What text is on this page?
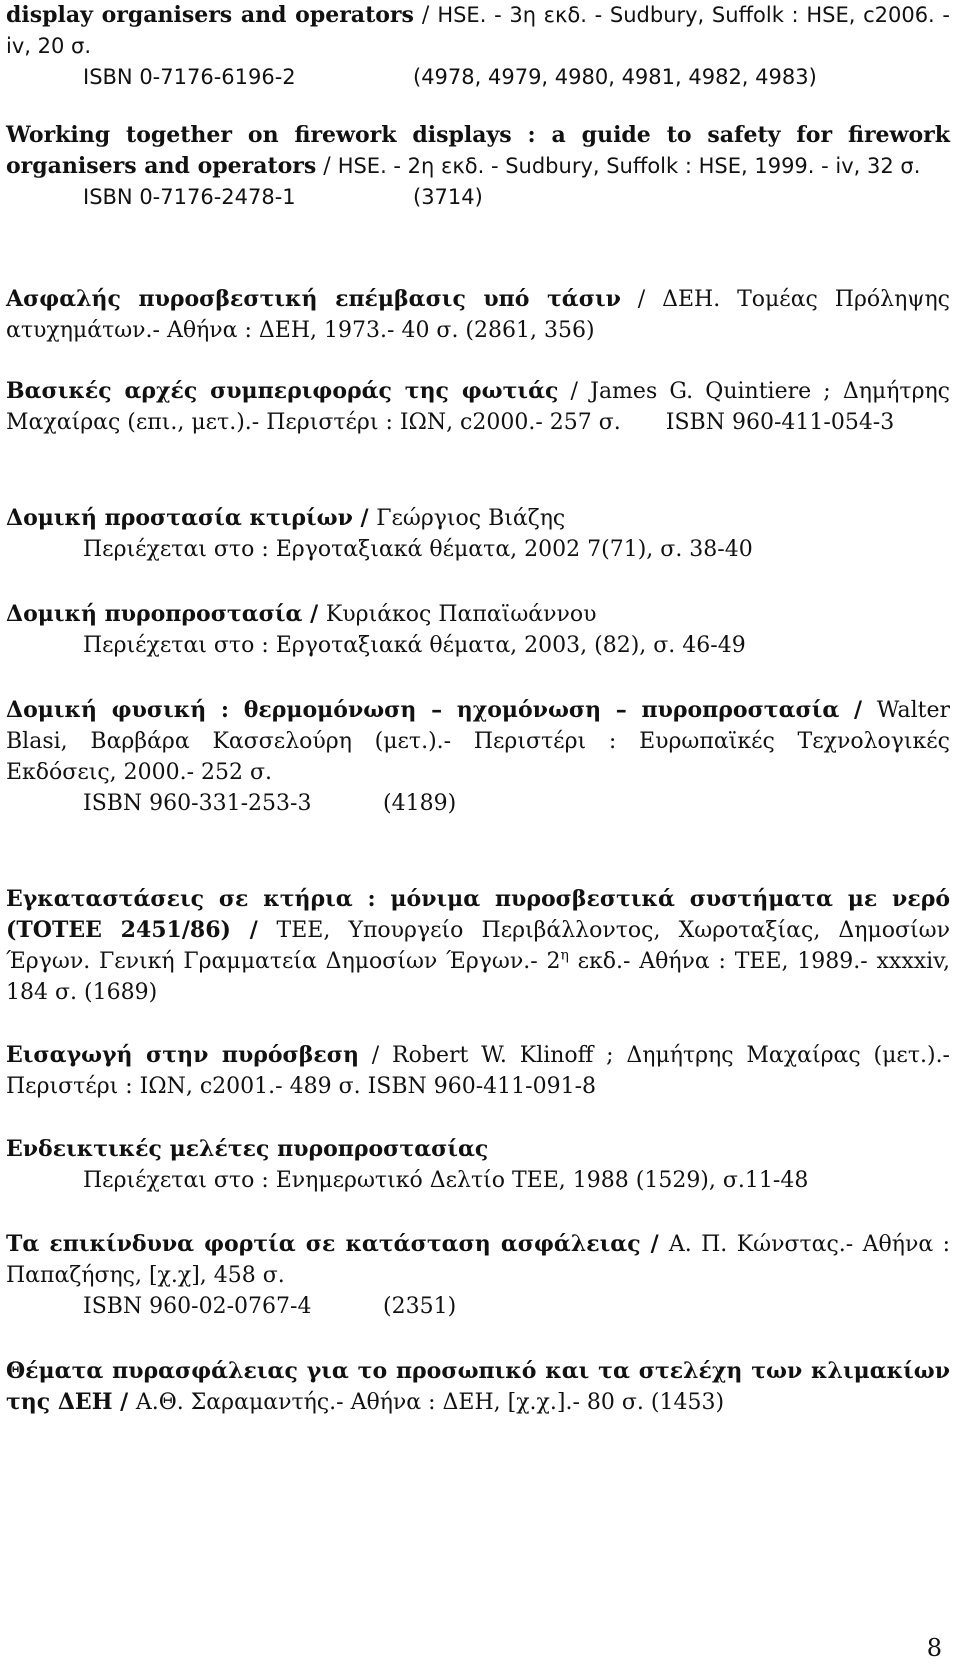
display organisers and operators / HSE. - 3η εκδ. - Sudbury, Suffolk : HSE, c2006. - iv, 20 σ.
ISBN 0-7176-6196-2	(4978, 4979, 4980, 4981, 4982, 4983)
Working together on firework displays : a guide to safety for firework organisers and operators / HSE. - 2η εκδ. - Sudbury, Suffolk : HSE, 1999. - iv, 32 σ.
ISBN 0-7176-2478-1	(3714)
Ασφαλής πυροσβεστική επέμβασις υπό τάσιν / ΔΕΗ. Τομέας Πρόληψης ατυχημάτων.- Αθήνα : ΔΕΗ, 1973.- 40 σ. (2861, 356)
Βασικές αρχές συμπεριφοράς της φωτιάς / James G. Quintiere ; Δημήτρης Μαχαίρας (επι., μετ.).- Περιστέρι : ΙΩΝ, c2000.- 257 σ. ISBN 960-411-054-3
Δομική προστασία κτιρίων / Γεώργιος Βιάζης
Περιέχεται στο : Εργοταξιακά θέματα, 2002 7(71), σ. 38-40
Δομική πυροπροστασία / Κυριάκος Παπαϊωάννου
Περιέχεται στο : Εργοταξιακά θέματα, 2003, (82), σ. 46-49
Δομική φυσική : θερμομόνωση – ηχομόνωση – πυροπροστασία / Walter Blasi, Βαρβάρα Κασσελούρη (μετ.).- Περιστέρι : Ευρωπαϊκές Τεχνολογικές Εκδόσεις, 2000.- 252 σ.
ISBN 960-331-253-3	(4189)
Εγκαταστάσεις σε κτήρια : μόνιμα πυροσβεστικά συστήματα με νερό (ΤΟΤΕΕ 2451/86) / ΤΕΕ, Υπουργείο Περιβάλλοντος, Χωροταξίας, Δημοσίων Έργων. Γενική Γραμματεία Δημοσίων Έργων.- $2^\eta$ εκδ.- Αθήνα : ΤΕΕ, 1989.- xxxxiv, 184 σ. (1689)
Εισαγωγή στην πυρόσβεση / Robert W. Klinoff ; Δημήτρης Μαχαίρας (μετ.).- Περιστέρι : ΙΩΝ, c2001.- 489 σ. ISBN 960-411-091-8
Ενδεικτικές μελέτες πυροπροστασίας
Περιέχεται στο : Ενημερωτικό Δελτίο ΤΕΕ, 1988 (1529), σ.11-48
Τα επικίνδυνα φορτία σε κατάσταση ασφάλειας / Α. Π. Κώνστας.- Αθήνα : Παπαζήσης, [χ.χ], 458 σ.
ISBN 960-02-0767-4	(2351)
Θέματα πυρασφάλειας για το προσωπικό και τα στελέχη των κλιμακίων της ΔΕΗ / Α.Θ. Σαραμαντής.- Αθήνα : ΔΕΗ, [χ.χ.].- 80 σ. (1453)
8
